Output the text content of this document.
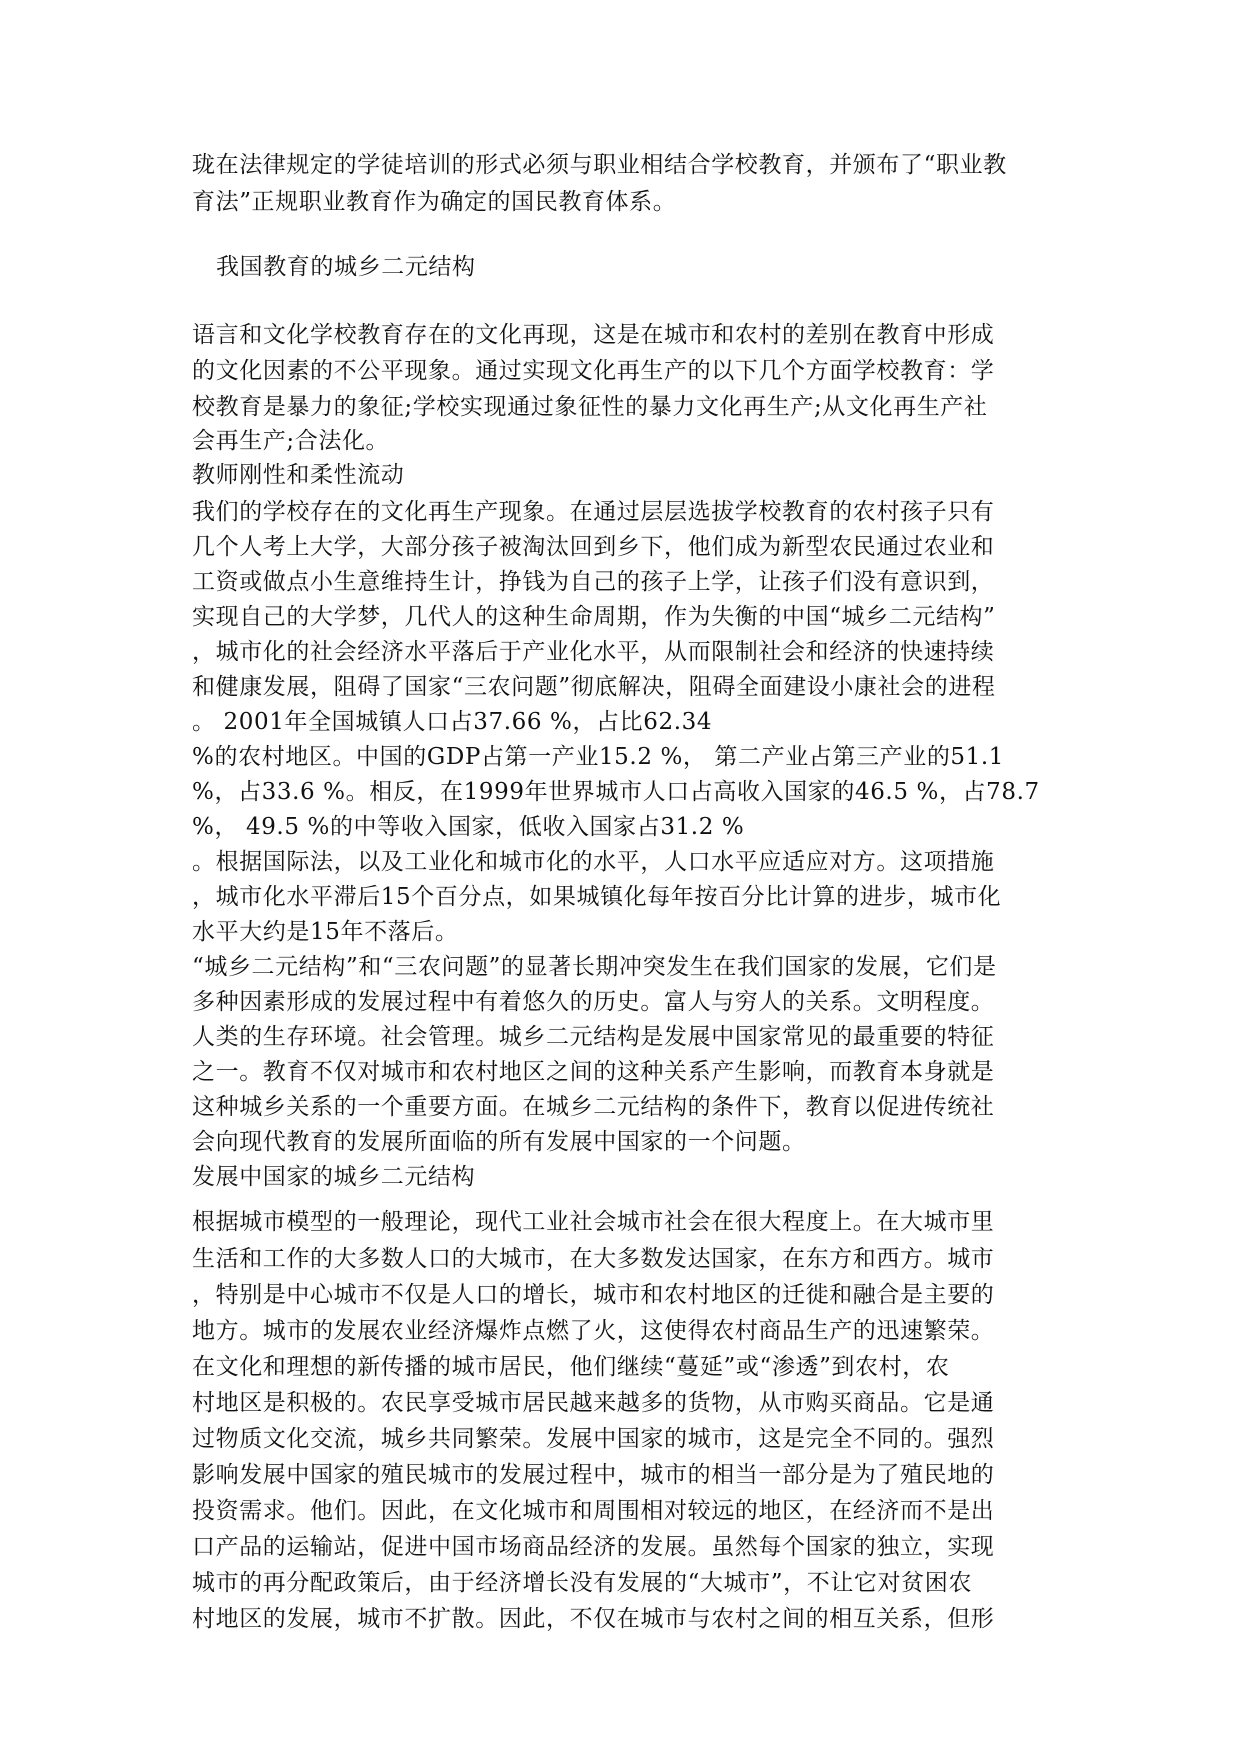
珑在法律规定的学徒培训的形式必须与职业相结合学校教育，并颁布了“职业教
育法”正规职业教育作为确定的国民教育体系。
我国教育的城乡二元结构
语言和文化学校教育存在的文化再现，这是在城市和农村的差别在教育中形成
的文化因素的不公平现象。通过实现文化再生产的以下几个方面学校教育：学
校教育是暴力的象征;学校实现通过象征性的暴力文化再生产;从文化再生产社
会再生产;合法化。
教师刚性和柔性流动
我们的学校存在的文化再生产现象。在通过层层选拔学校教育的农村孩子只有
几个人考上大学，大部分孩子被淘汰回到乡下，他们成为新型农民通过农业和
工资或做点小生意维持生计，挣钱为自己的孩子上学，让孩子们没有意识到，
实现自己的大学梦，几代人的这种生命周期，作为失衡的中国“城乡二元结构”
，城市化的社会经济水平落后于产业化水平，从而限制社会和经济的快速持续
和健康发展，阻碍了国家“三农问题”彻底解决，阻碍全面建设小康社会的进程
。 2001年全国城镇人口占37.66 %，占比62.34
%的农村地区。中国的GDP占第一产业15.2 %， 第二产业占第三产业的51.1
%，占33.6 %。相反，在1999年世界城市人口占高收入国家的46.5 %，占78.7
%， 49.5 %的中等收入国家，低收入国家占31.2 %
。根据国际法，以及工业化和城市化的水平，人口水平应适应对方。这项措施
，城市化水平滞后15个百分点，如果城镇化每年按百分比计算的进步，城市化
水平大约是15年不落后。
“城乡二元结构”和“三农问题”的显著长期冲突发生在我们国家的发展，它们是
多种因素形成的发展过程中有着悠久的历史。富人与穷人的关系。文明程度。
人类的生存环境。社会管理。城乡二元结构是发展中国家常见的最重要的特征
之一。教育不仅对城市和农村地区之间的这种关系产生影响，而教育本身就是
这种城乡关系的一个重要方面。在城乡二元结构的条件下，教育以促进传统社
会向现代教育的发展所面临的所有发展中国家的一个问题。
发展中国家的城乡二元结构
根据城市模型的一般理论，现代工业社会城市社会在很大程度上。在大城市里
生活和工作的大多数人口的大城市，在大多数发达国家，在东方和西方。城市
，特别是中心城市不仅是人口的增长，城市和农村地区的迁徙和融合是主要的
地方。城市的发展农业经济爆炸点燃了火，这使得农村商品生产的迅速繁荣。
在文化和理想的新传播的城市居民，他们继续“蔓延”或“渗透”到农村，农
村地区是积极的。农民享受城市居民越来越多的货物，从市购买商品。它是通
过物质文化交流，城乡共同繁荣。发展中国家的城市，这是完全不同的。强烈
影响发展中国家的殖民城市的发展过程中，城市的相当一部分是为了殖民地的
投资需求。他们。因此，在文化城市和周围相对较远的地区，在经济而不是出
口产品的运输站，促进中国市场商品经济的发展。虽然每个国家的独立，实现
城市的再分配政策后，由于经济增长没有发展的“大城市”，不让它对贫困农
村地区的发展，城市不扩散。因此，不仅在城市与农村之间的相互关系，但形
